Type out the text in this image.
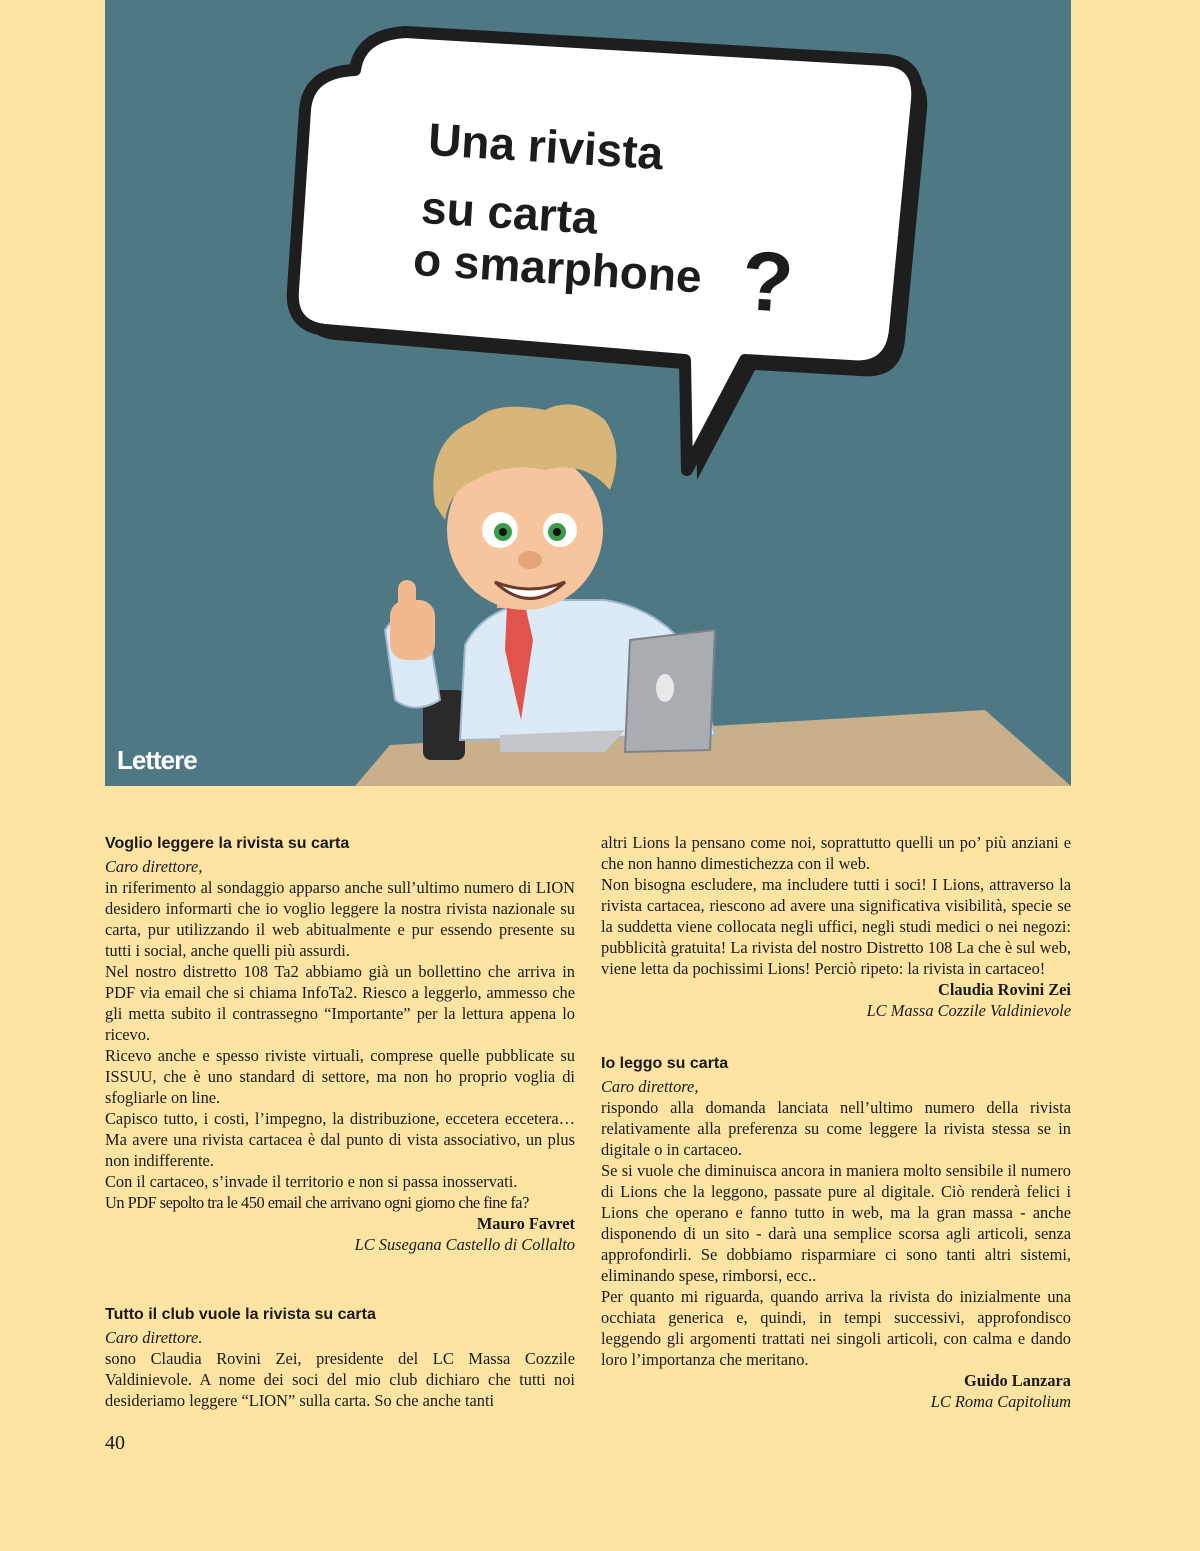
Una rivista
su carta
o smarphone ?
Lettere

Voglio leggere la rivista su carta

Caro direttore,

in riferimento al sondaggio apparso anche sull’ultimo numero di LION desidero informarti che io voglio leggere la nostra rivista nazionale su carta, pur utilizzando il web abitualmente e pur essendo presente su tutti i social, anche quelli più assurdi.

Nel nostro distretto 108 Ta2 abbiamo già un bollettino che arriva in PDF via email che si chiama InfoTa2. Riesco a leggerlo, ammesso che gli metta subito il contrassegno “Importante” per la lettura appena lo ricevo.

Ricevo anche e spesso riviste virtuali, comprese quelle pubblicate su ISSUU, che è uno standard di settore, ma non ho proprio voglia di sfogliarle on line.

Capisco tutto, i costi, l’impegno, la distribuzione, eccetera eccetera… Ma avere una rivista cartacea è dal punto di vista associativo, un plus non indifferente.

Con il cartaceo, s’invade il territorio e non si passa inosservati.

Un PDF sepolto tra le 450 email che arrivano ogni giorno che fine fa?

Mauro Favret

LC Susegana Castello di Collalto

Tutto il club vuole la rivista su carta

Caro direttore.

sono Claudia Rovini Zei, presidente del LC Massa Cozzile Valdinievole. A nome dei soci del mio club dichiaro che tutti noi desideriamo leggere “LION” sulla carta. So che anche tanti

altri Lions la pensano come noi, soprattutto quelli un po’ più anziani e che non hanno dimestichezza con il web.

Non bisogna escludere, ma includere tutti i soci! I Lions, attraverso la rivista cartacea, riescono ad avere una significativa visibilità, specie se la suddetta viene collocata negli uffici, negli studi medici o nei negozi: pubblicità gratuita! La rivista del nostro Distretto 108 La che è sul web, viene letta da pochissimi Lions! Perciò ripeto: la rivista in cartaceo!

Claudia Rovini Zei

LC Massa Cozzile Valdinievole

Io leggo su carta

Caro direttore,

rispondo alla domanda lanciata nell’ultimo numero della rivista relativamente alla preferenza su come leggere la rivista stessa se in digitale o in cartaceo.

Se si vuole che diminuisca ancora in maniera molto sensibile il numero di Lions che la leggono, passate pure al digitale. Ciò renderà felici i Lions che operano e fanno tutto in web, ma la gran massa - anche disponendo di un sito - darà una semplice scorsa agli articoli, senza approfondirli. Se dobbiamo risparmiare ci sono tanti altri sistemi, eliminando spese, rimborsi, ecc..

Per quanto mi riguarda, quando arriva la rivista do inizialmente una occhiata generica e, quindi, in tempi successivi, approfondisco leggendo gli argomenti trattati nei singoli articoli, con calma e dando loro l’importanza che meritano.

Guido Lanzara

LC Roma Capitolium

40
